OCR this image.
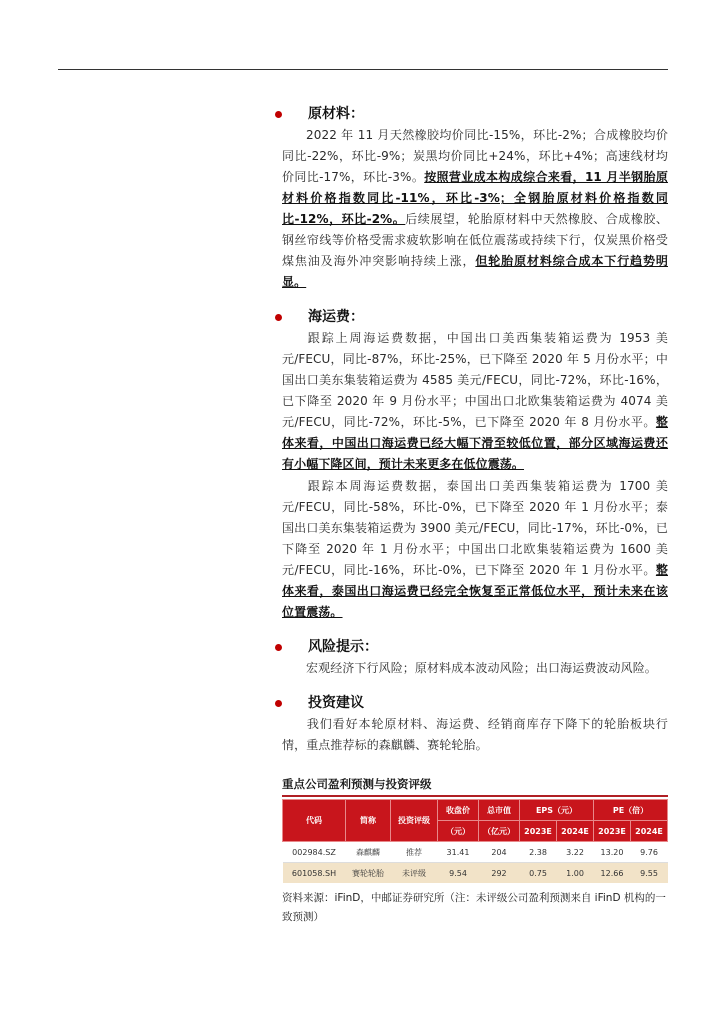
原材料：

2022 年 11 月天然橡胶均价同比-15%，环比-2%；合成橡胶均价同比-22%，环比-9%；炭黑均价同比+24%，环比+4%；高速线材均价同比-17%，环比-3%。按照营业成本构成综合来看，11 月半钢胎原材料价格指数同比-11%，环比-3%；全钢胎原材料价格指数同比-12%，环比-2%。后续展望，轮胎原材料中天然橡胶、合成橡胶、钢丝帘线等价格受需求疲软影响在低位震荡或持续下行，仅炭黑价格受煤焦油及海外冲突影响持续上涨，但轮胎原材料综合成本下行趋势明显。

海运费：

跟踪上周海运费数据，中国出口美西集装箱运费为 1953 美元/FECU，同比-87%，环比-25%，已下降至 2020 年 5 月份水平；中国出口美东集装箱运费为 4585 美元/FECU，同比-72%，环比-16%，已下降至 2020 年 9 月份水平；中国出口北欧集装箱运费为 4074 美元/FECU，同比-72%，环比-5%，已下降至 2020 年 8 月份水平。整体来看，中国出口海运费已经大幅下滑至较低位置，部分区域海运费还有小幅下降区间，预计未来更多在低位震荡。

跟踪本周海运费数据，泰国出口美西集装箱运费为 1700 美元/FECU，同比-58%，环比-0%，已下降至 2020 年 1 月份水平；泰国出口美东集装箱运费为 3900 美元/FECU，同比-17%，环比-0%，已下降至 2020 年 1 月份水平；中国出口北欧集装箱运费为 1600 美元/FECU，同比-16%，环比-0%，已下降至 2020 年 1 月份水平。整体来看，泰国出口海运费已经完全恢复至正常低位水平，预计未来在该位置震荡。

风险提示：

宏观经济下行风险；原材料成本波动风险；出口海运费波动风险。

投资建议

我们看好本轮原材料、海运费、经销商库存下降下的轮胎板块行情，重点推荐标的森麒麟、赛轮轮胎。

重点公司盈利预测与投资评级
代码	简称	投资评级	收盘价	总市值	EPS（元）		PE（倍）	
			（元）	（亿元）	2023E	2024E	2023E	2024E
002984.SZ	森麒麟	推荐	31.41	204	2.38	3.22	13.20	9.76
601058.SH	赛轮轮胎	未评级	9.54	292	0.75	1.00	12.66	9.55
资料来源：iFinD，中邮证券研究所（注：未评级公司盈利预测来自 iFinD 机构的一致预测）
